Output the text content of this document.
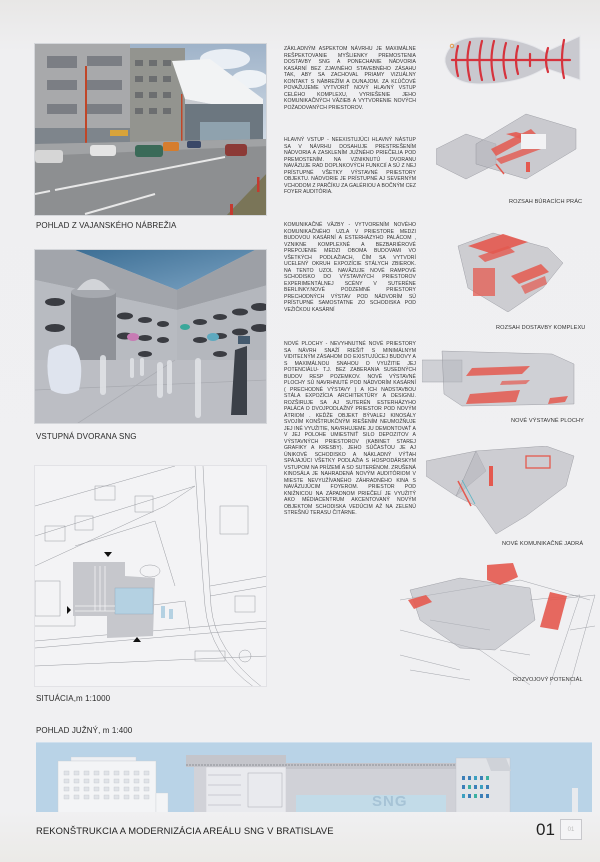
POHLAD Z VAJANSKÉHO NÁBREŽIA
VSTUPNÁ DVORANA SNG
SITUÁCIA,m 1:1000

ZÁKLADNÝM ASPEKTOM NÁVRHU JE MAXIMÁLNE REŠPEKTOVANIE MYŠLIENKY PREMOSTENIA DOSTAVBY SNG A PONECHANIE NÁDVORIA KASÁRNÍ BEZ ZJAVNÉHO STAVEBNÉHO ZÁSAHU TAK, ABY SA ZACHOVAL PRIAMY VIZUÁLNY KONTAKT S NÁBREŽÍM A DUNAJOM. ZA KĽÚČOVÉ POVAŽUJEME VYTVORIŤ NOVÝ HLAVNÝ VSTUP CELÉHO KOMPLEXU, VYRIEŠENIE JEHO KOMUNIKAČNÝCH VÄZIEB A VYTVORENIE NOVÝCH POŽADOVANÝCH PRIESTOROV.

HLAVNÝ VSTUP - NEEXISTUJÚCI HLAVNÝ NÁSTUP SA V NÁVRHU DOSAHUJE PRESTREŠENÍM NÁDVORIA A ZASKLENÍM JUŽNÉHO PRIEČELIA POD PREMOSTENÍM. NA VZNIKNUTÚ DVORANU NAVÄZUJE RAD DOPLNKOVÝCH FUNKCIÍ A SÚ Z NEJ PRÍSTUPNÉ VŠETKY VÝSTAVNÉ PRIESTORY OBJEKTU. NÁDVORIE JE PRÍSTUPNÉ AJ SEVERNÝM VCHODOM Z PARČÍKU ZA GALÉRIOU A BOČNÝM CEZ FOYER AUDITÓRIA.

KOMUNIKAČNÉ VÄZBY - VYTVORENÍM NOVÉHO KOMUNIKAČNÉHO UZLA V PRIESTORE MEDZI BUDOVOU KASÁRNÍ A ESTERHÁZYHO PALÁCOM , VZNIKNE KOMPLEXNÉ A BEZBARIÉROVÉ PREPOJENIE MEDZI OBOMA BUDOVAMI VO VŠETKÝCH PODLAŽIACH, ČÍM SA VYTVORÍ UCELENÝ OKRUH EXPOZÍCIE STÁLYCH ZBIEROK. NA TENTO UZOL NAVÄZUJE NOVÉ RAMPOVÉ SCHODISKO DO VÝSTAVNÝCH PRIESTOROV EXPERIMENTÁLNEJ SCÉNY V SUTERÉNE BERLINKY.NOVÉ PODZEMNÉ PRIESTORY PRECHODNÝCH VÝSTAV POD NÁDVORÍM SÚ PRÍSTUPNÉ SAMOSTATNE ZO SCHODISKA POD VEŽIČKOU KASÁRNÍ

NOVÉ PLOCHY - NEVYHNUTNÉ NOVÉ PRIESTORY SA NÁVRH SNAŽÍ RIEŠIŤ S MINIMÁLNYM VIDITEĽNÝM ZÁSAHOM DO EXISTUJÚCEJ BUDOVY A S MAXIMÁLNOU SNAHOU O VYUŽITIE JEJ POTENCIÁLU- T.J. BEZ ZABERANIA SUSEDNÝCH BUDOV RESP POZEMKOV. NOVÉ VÝSTAVNÉ PLOCHY SÚ NAVRHNUTÉ POD NÁDVORÍM KASÁRNÍ ( PRECHODNÉ VÝSTAVY ) A ICH NADSTAVBOU STÁLA EXPOZÍCIA ARCHITEKTÚRY A DESIGNU. ROZŠIRUJE SA AJ SUTERÉN ESTERHÁZYHO PALÁCA O DVOJPODLAŽNÝ PRIESTOR POD NOVÝM ÁTRIOM . KEĎŽE OBJEKT BÝVALEJ KINOSÁLY SVOJÍM KONŠTRUKČNÝM RIEŠENÍM NEUMOŽŇUJE JEJ INÉ VYUŽITIE, NAVRHUJEME JU DEMONTOVAŤ A V JEJ POLOHE UMIESTNIŤ SILO DEPOZITOV A VÝSTAVNÝCH PRIESTOROV (KABINET STAREJ GRAFIKY A KRESBY). JEHO SÚČASŤOU JE AJ ÚNIKOVÉ SCHODISKO A NÁKLADNÝ VÝŤAH SPÁJAJÚCI VŠETKY PODLAŽIA S HOSPODÁRSKYM VSTUPOM NA PRÍZEMÍ A SO SUTERÉNOM. ZRUŠENÁ KINOSÁLA JE NAHRADENÁ NOVÝM AUDITÓRIOM V MIESTE NEVYUŽÍVANÉHO ZÁHRADNÉHO KINA S NAVÄZUJÚCIM FOYEROM. PRIESTOR POD KNIŽNICOU NA ZÁPADNOM PRIEČELÍ JE VYUŽITÝ AKO MÉDIACENTRUM AKCENTOVANÝ NOVÝM OBJEKTOM SCHODISKA VEDÚCIM AŽ NA ZELENÚ STREŠNÚ TERASU ČITÁRNE.

ROZSAH BÚRACÍCH PRÁC
ROZSAH DOSTAVBY KOMPLEXU
NOVÉ VÝSTAVNÉ PLOCHY
NOVÉ KOMUNIKAČNÉ JADRÁ
ROZVOJOVÝ POTENCIÁL
POHLAD JUŽNÝ, m 1:400
SNG
REKONŠTRUKCIA A MODERNIZÁCIA AREÁLU SNG V BRATISLAVE	01	01
